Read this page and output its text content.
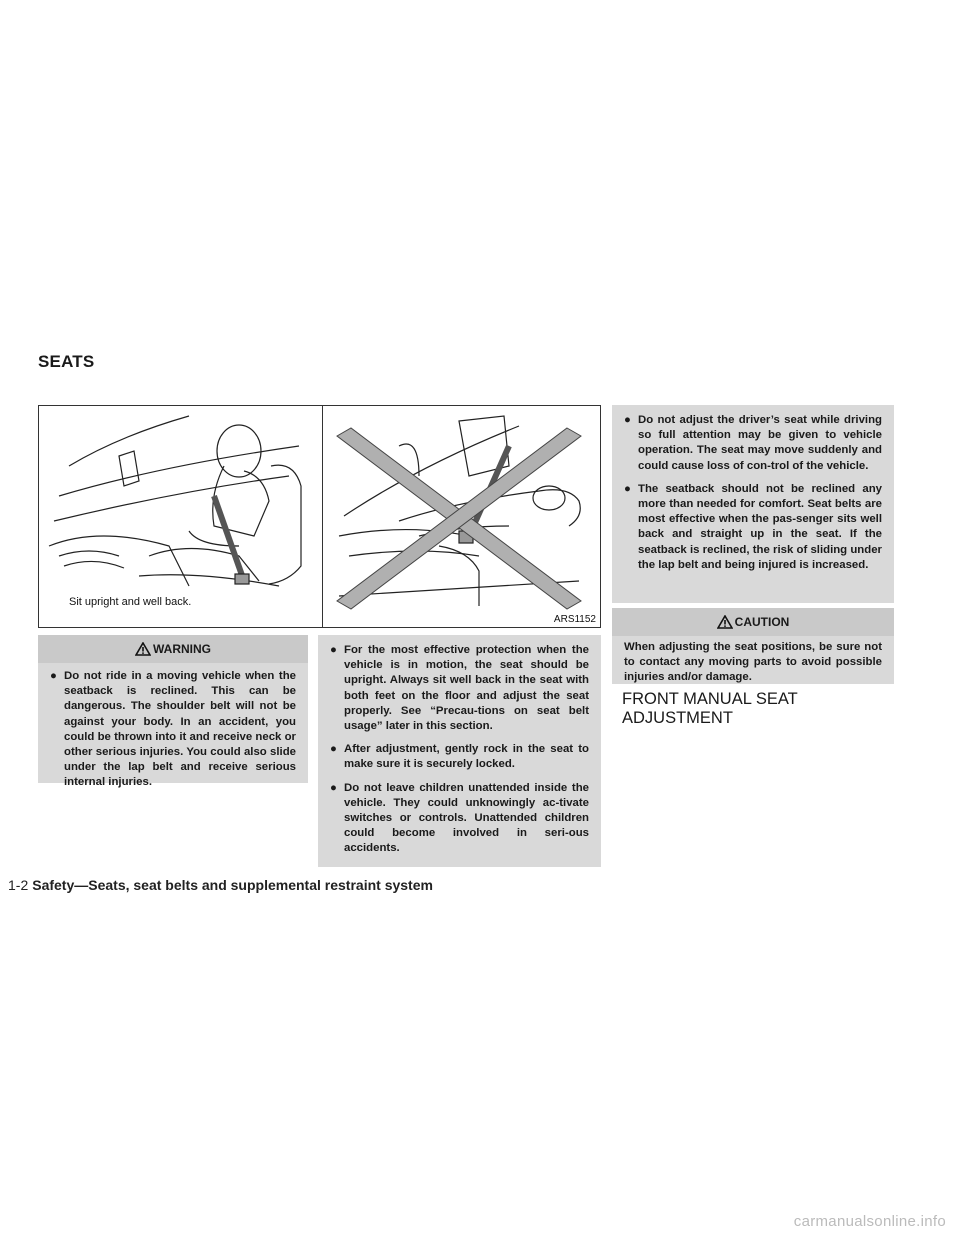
SEATS
Sit upright and well back.
ARS1152
WARNING
● Do not ride in a moving vehicle when the seatback is reclined. This can be dangerous. The shoulder belt will not be against your body. In an accident, you could be thrown into it and receive neck or other serious injuries. You could also slide under the lap belt and receive serious internal injuries.
● For the most effective protection when the vehicle is in motion, the seat should be upright. Always sit well back in the seat with both feet on the floor and adjust the seat properly. See “Precau-tions on seat belt usage” later in this section.
● After adjustment, gently rock in the seat to make sure it is securely locked.
● Do not leave children unattended inside the vehicle. They could unknowingly ac-tivate switches or controls. Unattended children could become involved in seri-ous accidents.
● Do not adjust the driver’s seat while driving so full attention may be given to vehicle operation. The seat may move suddenly and could cause loss of con-trol of the vehicle.
● The seatback should not be reclined any more than needed for comfort. Seat belts are most effective when the pas-senger sits well back and straight up in the seat. If the seatback is reclined, the risk of sliding under the lap belt and being injured is increased.
CAUTION
When adjusting the seat positions, be sure not to contact any moving parts to avoid possible injuries and/or damage.
FRONT MANUAL SEAT
ADJUSTMENT
1-2 Safety—Seats, seat belts and supplemental restraint system
carmanualsonline.info
